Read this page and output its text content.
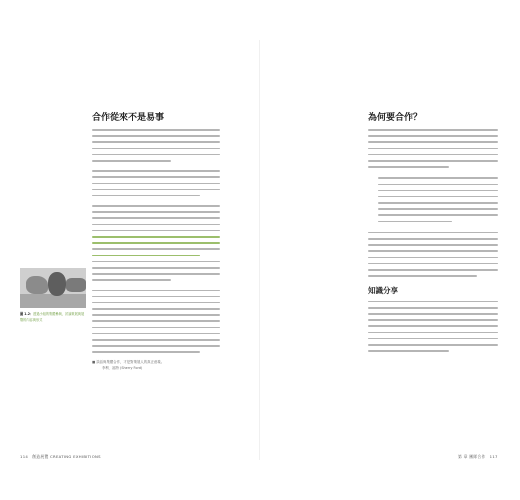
合作從來不是易事
■ 談話與集體合作，才是對策展人的真正意義。
李利．福特 (Sherry Ford)
圖 1.2：透過小組的集體參與，討論策展與展覽的內容與形式
114 創造展覽 CREATING EXHIBITIONS
為何要合作？
知識分享
第 章 團隊合作 117
